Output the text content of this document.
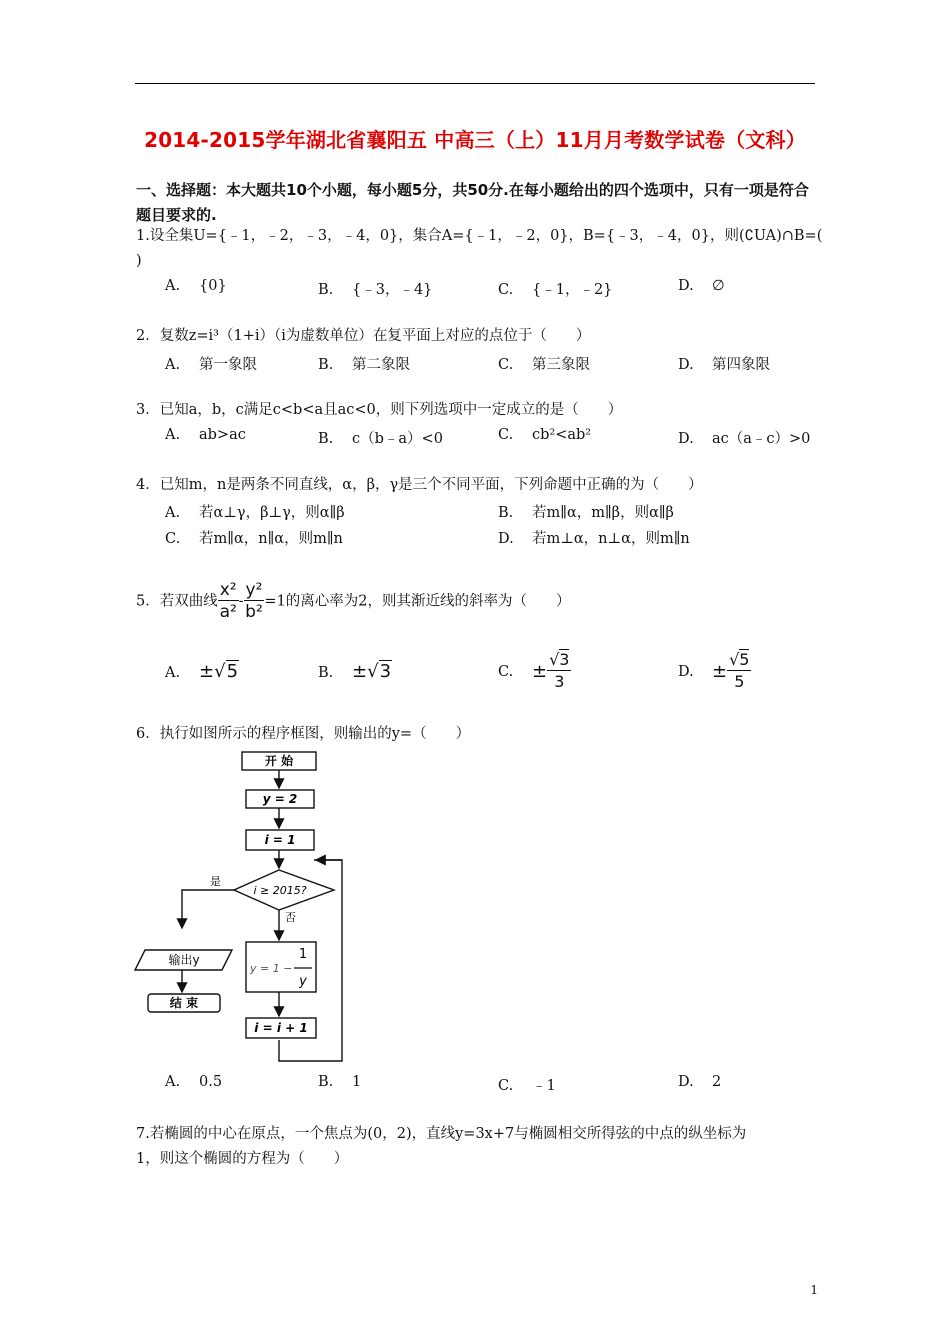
2014-2015学年湖北省襄阳五 中高三（上）11月月考数学试卷（文科）
一、选择题：本大题共10个小题，每小题5分，共50分.在每小题给出的四个选项中，只有一项是符合题目要求的.
1.设全集U={﹣1，﹣2，﹣3，﹣4，0}，集合A={﹣1，﹣2，0}，B={﹣3，﹣4，0}，则(∁UA)∩B=(
)
A. {0}	B. {﹣3，﹣4}	C. {﹣1，﹣2}	D. ∅
2．复数z=i³（1+i）（i为虚数单位）在复平面上对应的点位于（　　）
A. 第一象限	B. 第二象限	C. 第三象限	D. 第四象限
3．已知a，b，c满足c<b<a且ac<0，则下列选项中一定成立的是（　　）
A. ab>ac	B. c（b﹣a）<0	C. cb²<ab²	D. ac（a﹣c）>0
4．已知m，n是两条不同直线，α，β，γ是三个不同平面，下列命题中正确的为（　　）
A. 若α⊥γ，β⊥γ，则α∥β	B. 若m∥α，m∥β，则α∥β
C. 若m∥α，n∥α，则m∥n	D. 若m⊥α，n⊥α，则m∥n
5．若双曲线 $\frac{\text{x²}}{\text{a²}} - \frac{\text{y²}}{\text{b²}} =1$的离心率为2，则其渐近线的斜率为（　　）
A. ±√5	B. ±√3	C. ± $\frac{√3}{3}$	D. ± $\frac{√5}{5}$
6．执行如图所示的程序框图，则输出的y=（　　）
开 始
y = 2
i = 1
i ≥ 2015?
是
否
输出y
结 束
y = 1 −
1
y
i = i + 1
A. 0.5	B. 1	C. ﹣1	D. 2
7.若椭圆的中心在原点，一个焦点为(0，2)，直线y=3x+7与椭圆相交所得弦的中点的纵坐标为
1，则这个椭圆的方程为（　　）
1
